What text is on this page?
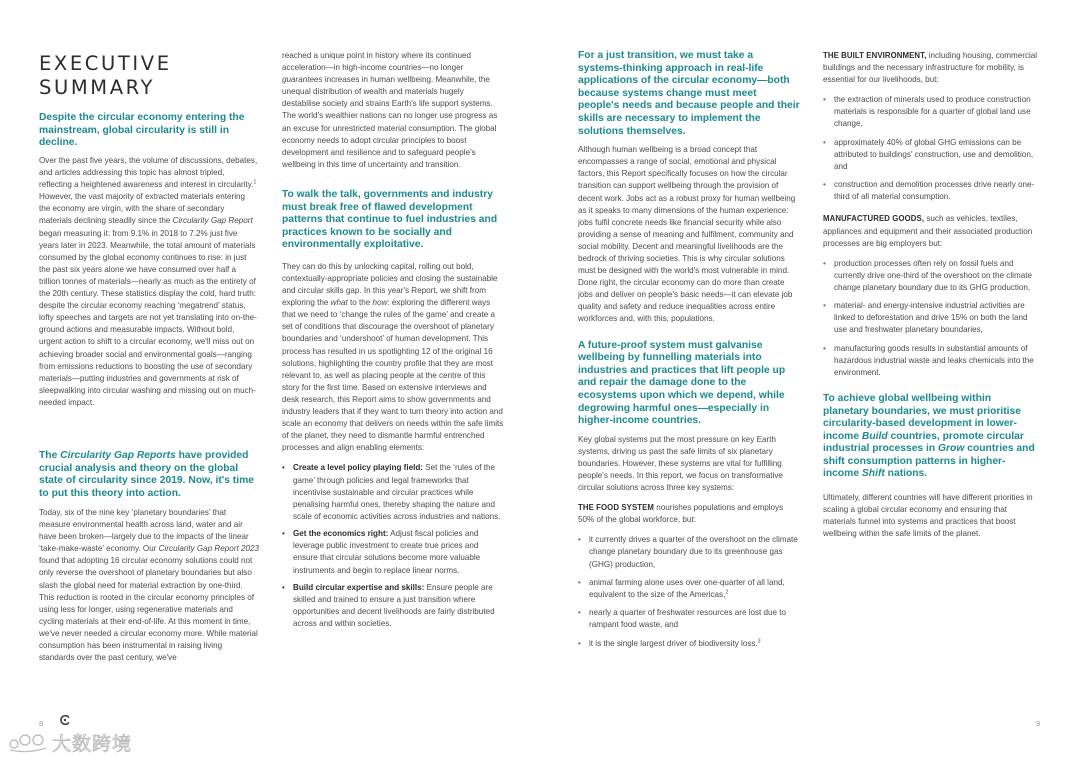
EXECUTIVE
SUMMARY
Despite the circular economy entering the mainstream, global circularity is still in decline.

Over the past five years, the volume of discussions, debates, and articles addressing this topic has almost tripled, reflecting a heightened awareness and interest in circularity.$^1$ However, the vast majority of extracted materials entering the economy are virgin, with the share of secondary materials declining steadily since the Circularity Gap Report began measuring it: from 9.1% in 2018 to 7.2% just five years later in 2023. Meanwhile, the total amount of materials consumed by the global economy continues to rise: in just the past six years alone we have consumed over half a trillion tonnes of materials—nearly as much as the entirety of the 20th century. These statistics display the cold, hard truth: despite the circular economy reaching ‘megatrend’ status, lofty speeches and targets are not yet translating into on-the-ground actions and measurable impacts. Without bold, urgent action to shift to a circular economy, we'll miss out on achieving broader social and environmental goals—ranging from emissions reductions to boosting the use of secondary materials—putting industries and governments at risk of sleepwalking into circular washing and missing out on much-needed impact.

The Circularity Gap Reports have provided crucial analysis and theory on the global state of circularity since 2019. Now, it's time to put this theory into action.

Today, six of the nine key ‘planetary boundaries’ that measure environmental health across land, water and air have been broken—largely due to the impacts of the linear ‘take-make-waste’ economy. Our Circularity Gap Report 2023 found that adopting 16 circular economy solutions could not only reverse the overshoot of planetary boundaries but also slash the global need for material extraction by one-third. This reduction is rooted in the circular economy principles of using less for longer, using regenerative materials and cycling materials at their end-of-life. At this moment in time, we've never needed a circular economy more. While material consumption has been instrumental in raising living standards over the past century, we've

reached a unique point in history where its continued acceleration—in high-income countries—no longer guarantees increases in human wellbeing. Meanwhile, the unequal distribution of wealth and materials hugely destabilise society and strains Earth's life support systems. The world's wealthier nations can no longer use progress as an excuse for unrestricted material consumption. The global economy needs to adopt circular principles to boost development and resilience and to safeguard people's wellbeing in this time of uncertainty and transition.

To walk the talk, governments and industry must break free of flawed development patterns that continue to fuel industries and practices known to be socially and environmentally exploitative.

They can do this by unlocking capital, rolling out bold, contextually-appropriate policies and closing the sustainable and circular skills gap. In this year's Report, we shift from exploring the what to the how: exploring the different ways that we need to ‘change the rules of the game’ and create a set of conditions that discourage the overshoot of planetary boundaries and ‘undershoot’ of human development. This process has resulted in us spotlighting 12 of the original 16 solutions, highlighting the country profile that they are most relevant to, as well as placing people at the centre of this story for the first time. Based on extensive interviews and desk research, this Report aims to show governments and industry leaders that if they want to turn theory into action and scale an economy that delivers on needs within the safe limits of the planet, they need to dismantle harmful entrenched processes and align enabling elements:

• Create a level policy playing field: Set the ‘rules of the game’ through policies and legal frameworks that incentivise sustainable and circular practices while penalising harmful ones, thereby shaping the nature and scale of economic activities across industries and nations.
• Get the economics right: Adjust fiscal policies and leverage public investment to create true prices and ensure that circular solutions become more valuable instruments and begin to replace linear norms.
• Build circular expertise and skills: Ensure people are skilled and trained to ensure a just transition where opportunities and decent livelihoods are fairly distributed across and within societies.
For a just transition, we must take a systems-thinking approach in real-life applications of the circular economy—both because systems change must meet people's needs and because people and their skills are necessary to implement the solutions themselves.

Although human wellbeing is a broad concept that encompasses a range of social, emotional and physical factors, this Report specifically focuses on how the circular transition can support wellbeing through the provision of decent work. Jobs act as a robust proxy for human wellbeing as it speaks to many dimensions of the human experience: jobs fulfil concrete needs like financial security while also providing a sense of meaning and fulfilment, community and social mobility. Decent and meaningful livelihoods are the bedrock of thriving societies. This is why circular solutions must be designed with the world's most vulnerable in mind. Done right, the circular economy can do more than create jobs and deliver on people's basic needs—it can elevate job quality and safety and reduce inequalities across entire workforces and, with this, populations.

A future-proof system must galvanise wellbeing by funnelling materials into industries and practices that lift people up and repair the damage done to the ecosystems upon which we depend, while degrowing harmful ones—especially in higher-income countries.

Key global systems put the most pressure on key Earth systems, driving us past the safe limits of six planetary boundaries. However, these systems are vital for fulfilling people's needs. In this report, we focus on transformative circular solutions across three key systems:

THE FOOD SYSTEM nourishes populations and employs 50% of the global workforce, but:

• it currently drives a quarter of the overshoot on the climate change planetary boundary due to its greenhouse gas (GHG) production,
• animal farming alone uses over one-quarter of all land, equivalent to the size of the Americas,$^2$
• nearly a quarter of freshwater resources are lost due to rampant food waste, and
• it is the single largest driver of biodiversity loss.$^3$

THE BUILT ENVIRONMENT, including housing, commercial buildings and the necessary infrastructure for mobility, is essential for our livelihoods, but:

• the extraction of minerals used to produce construction materials is responsible for a quarter of global land use change,
• approximately 40% of global GHG emissions can be attributed to buildings' construction, use and demolition, and
• construction and demolition processes drive nearly one-third of all material consumption.

MANUFACTURED GOODS, such as vehicles, textiles, appliances and equipment and their associated production processes are big employers but:

• production processes often rely on fossil fuels and currently drive one-third of the overshoot on the climate change planetary boundary due to its GHG production,
• material- and energy-intensive industrial activities are linked to deforestation and drive 15% on both the land use and freshwater planetary boundaries,
• manufacturing goods results in substantial amounts of hazardous industrial waste and leaks chemicals into the environment.
To achieve global wellbeing within planetary boundaries, we must prioritise circularity-based development in lower-income Build countries, promote circular industrial processes in Grow countries and shift consumption patterns in higher-income Shift nations.

Ultimately, different countries will have different priorities in scaling a global circular economy and ensuring that materials funnel into systems and practices that boost wellbeing within the safe limits of the planet.

8	9
大数跨境
